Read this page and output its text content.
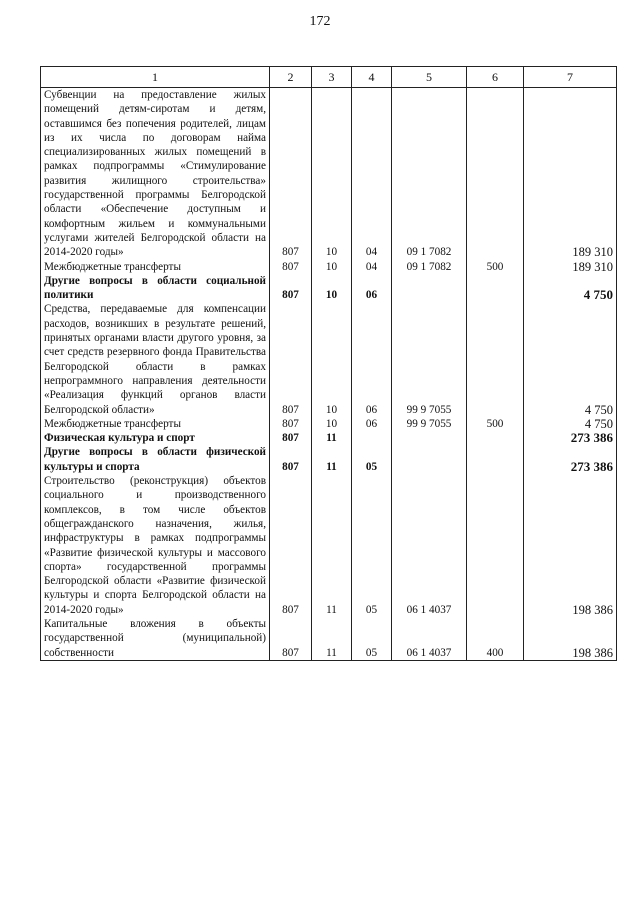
172
1	2	3	4	5	6	7
Субвенции на предоставление жилых помещений детям-сиротам и детям, оставшимся без попечения родителей, лицам из их числа по договорам найма специализированных жилых помещений в рамках подпрограммы «Стимулирование развития жилищного строительства» государственной программы Белгородской области «Обеспечение доступным и комфортным жильем и коммунальными услугами жителей Белгородской области на 2014-2020 годы»	807	10	04	09 1 7082		189 310
Межбюджетные трансферты	807	10	04	09 1 7082	500	189 310
Другие вопросы в области социальной политики	807	10	06			4 750
Средства, передаваемые для компенсации расходов, возникших в результате решений, принятых органами власти другого уровня, за счет средств резервного фонда Правительства Белгородской области в рамках непрограммного направления деятельности «Реализация функций органов власти Белгородской области»	807	10	06	99 9 7055		4 750
Межбюджетные трансферты	807	10	06	99 9 7055	500	4 750
Физическая культура и спорт	807	11				273 386
Другие вопросы в области физической культуры и спорта	807	11	05			273 386
Строительство (реконструкция) объектов социального и производственного комплексов, в том числе объектов общегражданского назначения, жилья, инфраструктуры в рамках подпрограммы «Развитие физической культуры и массового спорта» государственной программы Белгородской области «Развитие физической культуры и спорта Белгородской области на 2014-2020 годы»	807	11	05	06 1 4037		198 386
Капитальные вложения в объекты государственной (муниципальной) собственности	807	11	05	06 1 4037	400	198 386
